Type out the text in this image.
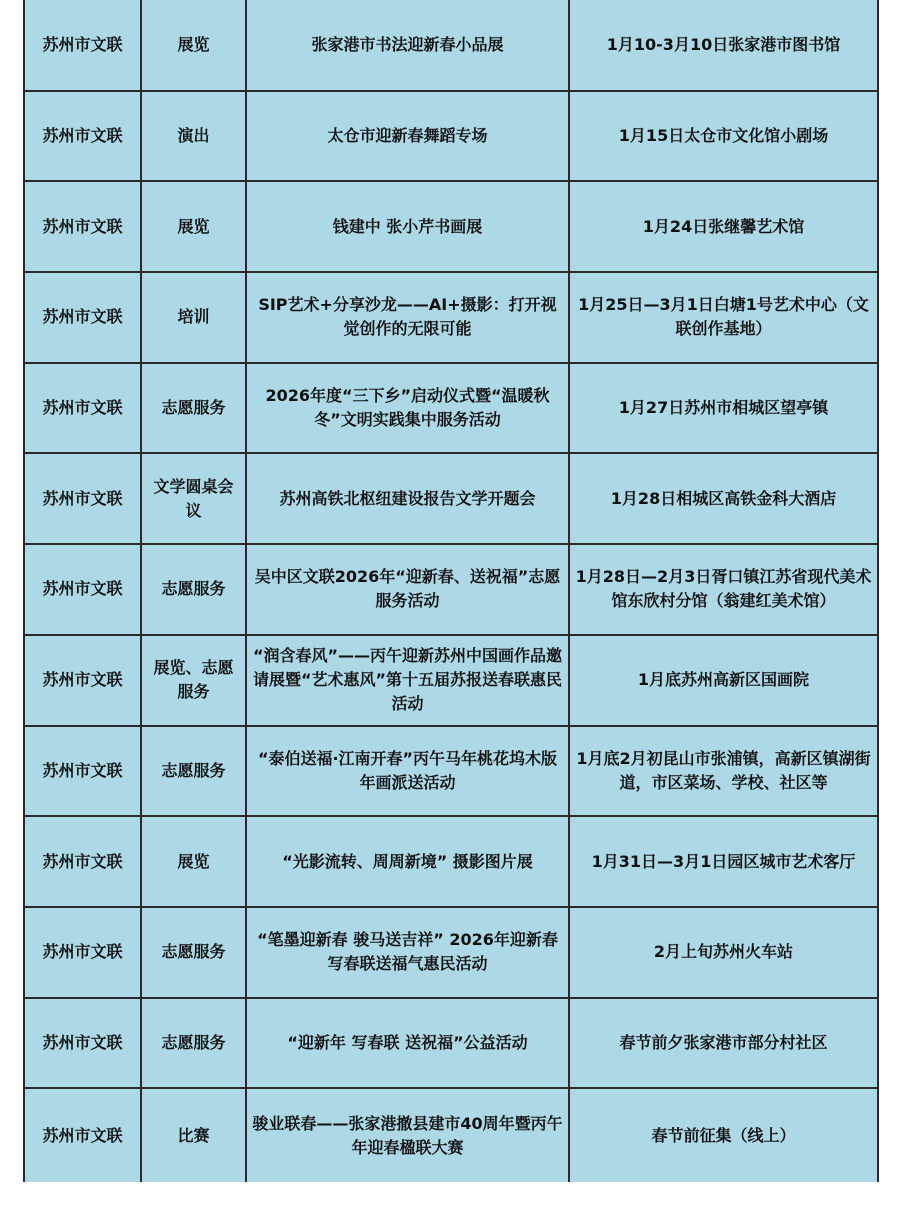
苏州市文联	展览	张家港市书法迎新春小品展	1月10-3月10日张家港市图书馆
苏州市文联	演出	太仓市迎新春舞蹈专场	1月15日太仓市文化馆小剧场
苏州市文联	展览	钱建中 张小芹书画展	1月24日张继馨艺术馆
苏州市文联	培训	SIP艺术+分享沙龙——AI+摄影：打开视觉创作的无限可能	1月25日—3月1日白塘1号艺术中心（文联创作基地）
苏州市文联	志愿服务	2026年度“三下乡”启动仪式暨“温暖秋冬”文明实践集中服务活动	1月27日苏州市相城区望亭镇
苏州市文联	文学圆桌会议	苏州高铁北枢纽建设报告文学开题会	1月28日相城区高铁金科大酒店
苏州市文联	志愿服务	吴中区文联2026年“迎新春、送祝福”志愿服务活动	1月28日—2月3日胥口镇江苏省现代美术馆东欣村分馆（翁建红美术馆）
苏州市文联	展览、志愿服务	“润含春风”——丙午迎新苏州中国画作品邀请展暨“艺术惠风”第十五届苏报送春联惠民活动	1月底苏州高新区国画院
苏州市文联	志愿服务	“泰伯送福·江南开春”丙午马年桃花坞木版年画派送活动	1月底2月初昆山市张浦镇，高新区镇湖街道，市区菜场、学校、社区等
苏州市文联	展览	“光影流转、周周新境” 摄影图片展	1月31日—3月1日园区城市艺术客厅
苏州市文联	志愿服务	“笔墨迎新春 骏马送吉祥” 2026年迎新春写春联送福气惠民活动	2月上旬苏州火车站
苏州市文联	志愿服务	“迎新年 写春联 送祝福”公益活动	春节前夕张家港市部分村社区
苏州市文联	比赛	骏业联春——张家港撤县建市40周年暨丙午年迎春楹联大赛	春节前征集（线上）
